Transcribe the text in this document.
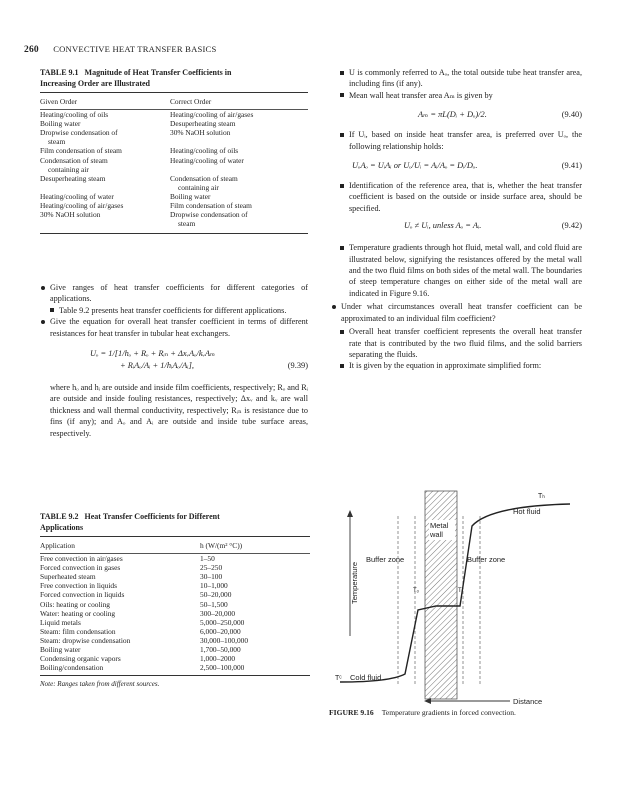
260 CONVECTIVE HEAT TRANSFER BASICS
TABLE 9.1 Magnitude of Heat Transfer Coefficients in
Increasing Order are Illustrated
Given Order	Correct Order

Heating/cooling of oils	Heating/cooling of air/gases
Boiling water	Desuperheating steam
Dropwise condensation of	30% NaOH solution
steam	
Film condensation of steam	Heating/cooling of oils
Condensation of steam	Heating/cooling of water
containing air	
Desuperheating steam	Condensation of steam
	containing air
Heating/cooling of water	Boiling water
Heating/cooling of air/gases	Film condensation of steam
30% NaOH solution	Dropwise condensation of
	steam

Give ranges of heat transfer coefficients for different categories of applications.

Table 9.2 presents heat transfer coefficients for different applications.

Give the equation for overall heat transfer coefficient in terms of different resistances for heat transfer in tubular heat exchangers.

Uₒ = 1/[1/hₒ + Rₒ + Rᵢₙ + ΔxᵥAₒ/kᵥAₘ
+ RᵢAₒ/Aᵢ + 1/hᵢAₒ/Aᵢ],	(9.39)

where hₒ and hᵢ are outside and inside film coefficients, respectively; Rₒ and Rᵢ are outside and inside fouling resistances, respectively; Δxᵥ and kᵥ are wall thickness and wall thermal conductivity, respectively; Rᵢₙ is resistance due to fins (if any); and Aₒ and Aᵢ are outside and inside tube surface areas, respectively.

TABLE 9.2 Heat Transfer Coefficients for Different
Applications
Application	h (W/(m² °C))

Free convection in air/gases	1–50
Forced convection in gases	25–250
Superheated steam	30–100
Free convection in liquids	10–1,000
Forced convection in liquids	50–20,000
Oils: heating or cooling	50–1,500
Water: heating or cooling	300–20,000
Liquid metals	5,000–250,000
Steam: film condensation	6,000–20,000
Steam: dropwise condensation	30,000–100,000
Boiling water	1,700–50,000
Condensing organic vapors	1,000–2000
Boiling/condensation	2,500–100,000
Note: Ranges taken from different sources.

U is commonly referred to Aₒ, the total outside tube heat transfer area, including fins (if any).

Mean wall heat transfer area Aₘ is given by

Aₘ = πL(Dᵢ + Dₒ)/2.	(9.40)

If Uᵢ, based on inside heat transfer area, is preferred over Uₒ, the following relationship holds:

UₒAₒ = UᵢAᵢ or Uₒ/Uᵢ = Aᵢ/Aₒ = Dᵢ/Dₒ.	(9.41)

Identification of the reference area, that is, whether the heat transfer coefficient is based on the outside or inside surface area, should be specified.

Uₒ ≠ Uᵢ, unless Aₒ = Aᵢ.	(9.42)

Temperature gradients through hot fluid, metal wall, and cold fluid are illustrated below, signifying the resistances offered by the metal wall and the two fluid films on both sides of the metal wall. The boundaries of steep temperature changes on either side of the metal wall are indicated in Figure 9.16.

Under what circumstances overall heat transfer coefficient can be approximated to an individual film coefficient?

Overall heat transfer coefficient represents the overall heat transfer rate that is contributed by the two fluid films, and the solid barriers separating the fluids.

It is given by the equation in approximate simplified form:

Metal
wall
Temperature
Buffer zone	Buffer zone
Tₕ
Hot fluid
Tₒ	Tᵢ
Tᶜ Cold fluid
Distance
FIGURE 9.16 Temperature gradients in forced convection.
